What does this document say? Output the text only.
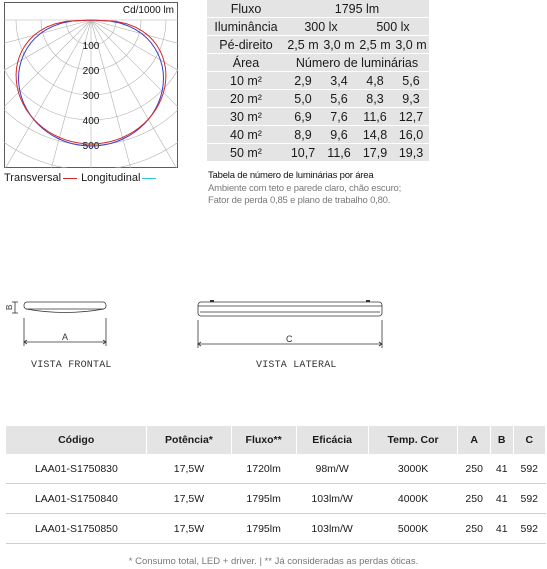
Cd/1000 lm
100
200
300
400
500
Transversal Longitudinal
Fluxo	1795 lm			
Iluminância	300 lx		500 lx	
Pé-direito	2,5 m	3,0 m	2,5 m	3,0 m
Área	Número de luminárias			
10 m²	2,9	3,4	4,8	5,6
20 m²	5,0	5,6	8,3	9,3
30 m²	6,9	7,6	11,6	12,7
40 m²	8,9	9,6	14,8	16,0
50 m²	10,7	11,6	17,9	19,3
Tabela de número de luminárias por área
Ambiente com teto e parede claro, chão escuro;
Fator de perda 0,85 e plano de trabalho 0,80.
B
A
VISTA FRONTAL
C
VISTA LATERAL
Código	Potência*	Fluxo**	Eficácia	Temp. Cor	A	B	C
LAA01-S1750830	17,5W	1720lm	98m/W	3000K	250	41	592
LAA01-S1750840	17,5W	1795lm	103lm/W	4000K	250	41	592
LAA01-S1750850	17,5W	1795lm	103lm/W	5000K	250	41	592
* Consumo total, LED + driver. | ** Já consideradas as perdas óticas.
